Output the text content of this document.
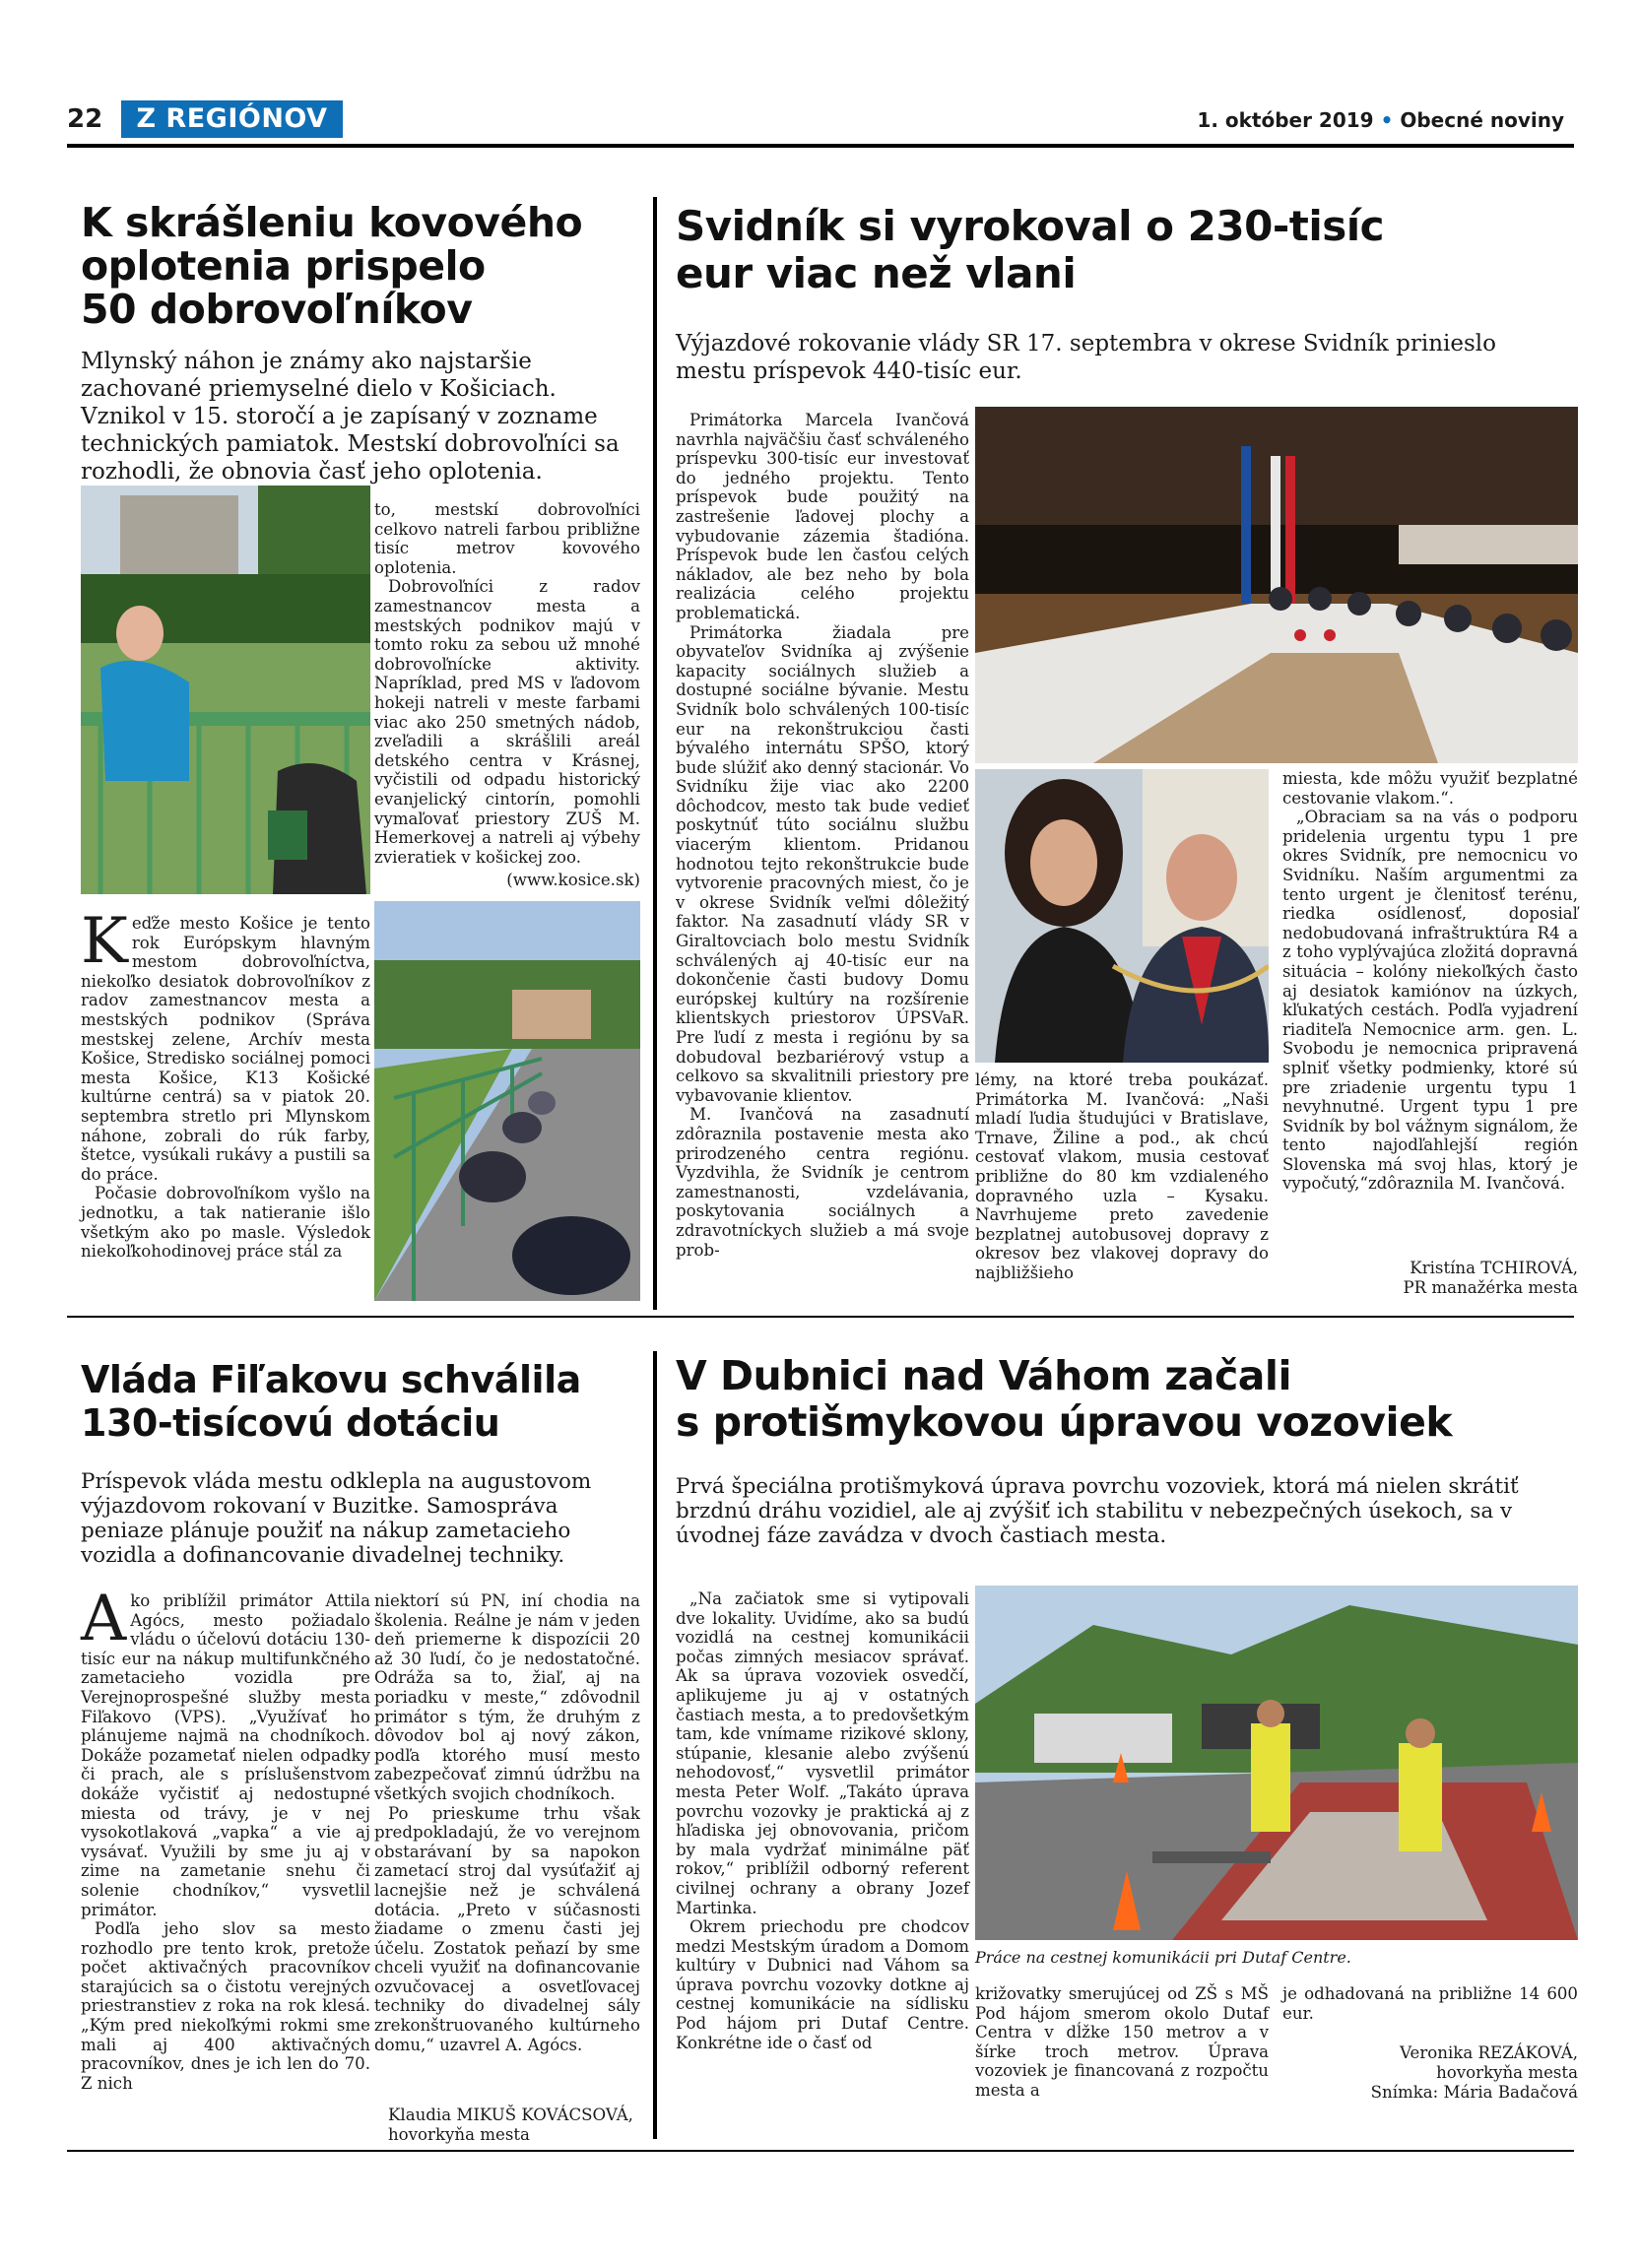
22	Z REGIÓNOV	1. október 2019 • Obecné noviny
K skrášleniu kovového
oplotenia prispelo
50 dobrovoľníkov
Mlynský náhon je známy ako najstaršie zachované priemyselné dielo v Košiciach. Vznikol v 15. storočí a je zapísaný v zozname technických pamiatok. Mestskí dobrovoľníci sa rozhodli, že obnovia časť jeho oplotenia.

Keďže mesto Košice je tento rok Európskym hlavným mestom dobrovoľníctva, niekoľko desiatok dobrovoľníkov z radov zamestnancov mesta a mestských podnikov (Správa mestskej zelene, Archív mesta Košice, Stredisko sociálnej pomoci mesta Košice, K13 Košické kultúrne centrá) sa v piatok 20. septembra stretlo pri Mlynskom náhone, zobrali do rúk farby, štetce, vysúkali rukávy a pustili sa do práce.

Počasie dobrovoľníkom vyšlo na jednotku, a tak natieranie išlo všetkým ako po masle. Výsledok niekoľkohodinovej práce stál za

to, mestskí dobrovoľníci celkovo natreli farbou približne tisíc metrov kovového oplotenia.

Dobrovoľníci z radov zamestnancov mesta a mestských podnikov majú v tomto roku za sebou už mnohé dobrovoľnícke aktivity. Napríklad, pred MS v ľadovom hokeji natreli v meste farbami viac ako 250 smetných nádob, zveľadili a skrášlili areál detského centra v Krásnej, vyčistili od odpadu historický evanjelický cintorín, pomohli vymaľovať priestory ZUŠ M. Hemerkovej a natreli aj výbehy zvieratiek v košickej zoo.

(www.kosice.sk)
Svidník si vyrokoval o 230-tisíc
eur viac než vlani
Výjazdové rokovanie vlády SR 17. septembra v okrese Svidník prinieslo mestu príspevok 440-tisíc eur.

Primátorka Marcela Ivančová navrhla najväčšiu časť schváleného príspevku 300-tisíc eur investovať do jedného projektu. Tento príspevok bude použitý na zastrešenie ľadovej plochy a vybudovanie zázemia štadióna. Príspevok bude len časťou celých nákladov, ale bez neho by bola realizácia celého projektu problematická.

Primátorka žiadala pre obyvateľov Svidníka aj zvýšenie kapacity sociálnych služieb a dostupné sociálne bývanie. Mestu Svidník bolo schválených 100-tisíc eur na rekonštrukciou časti bývalého internátu SPŠO, ktorý bude slúžiť ako denný stacionár. Vo Svidníku žije viac ako 2200 dôchodcov, mesto tak bude vedieť poskytnúť túto sociálnu službu viacerým klientom. Pridanou hodnotou tejto rekonštrukcie bude vytvorenie pracovných miest, čo je v okrese Svidník veľmi dôležitý faktor. Na zasadnutí vlády SR v Giraltovciach bolo mestu Svidník schválených aj 40-tisíc eur na dokončenie časti budovy Domu európskej kultúry na rozšírenie klientskych priestorov ÚPSVaR. Pre ľudí z mesta i regiónu by sa dobudoval bezbariérový vstup a celkovo sa skvalitnili priestory pre vybavovanie klientov.

M. Ivančová na zasadnutí zdôraznila postavenie mesta ako prirodzeného centra regiónu. Vyzdvihla, že Svidník je centrom zamestnanosti, vzdelávania, poskytovania sociálnych a zdravotníckych služieb a má svoje prob-

lémy, na ktoré treba poukázať. Primátorka M. Ivančová: „Naši mladí ľudia študujúci v Bratislave, Trnave, Žiline a pod., ak chcú cestovať vlakom, musia cestovať približne do 80 km vzdialeného dopravného uzla – Kysaku. Navrhujeme preto zavedenie bezplatnej autobusovej dopravy z okresov bez vlakovej dopravy do najbližšieho

miesta, kde môžu využiť bezplatné cestovanie vlakom.“.

„Obraciam sa na vás o podporu pridelenia urgentu typu 1 pre okres Svidník, pre nemocnicu vo Svidníku. Naším argumentmi za tento urgent je členitosť terénu, riedka osídlenosť, doposiaľ nedobudovaná infraštruktúra R4 a z toho vyplývajúca zložitá dopravná situácia – kolóny niekoľkých často aj desiatok kamiónov na úzkych, kľukatých cestách. Podľa vyjadrení riaditeľa Nemocnice arm. gen. L. Svobodu je nemocnica pripravená splniť všetky podmienky, ktoré sú pre zriadenie urgentu typu 1 nevyhnutné. Urgent typu 1 pre Svidník by bol vážnym signálom, že tento najodľahlejší región Slovenska má svoj hlas, ktorý je vypočutý,“zdôraznila M. Ivančová.

Kristína TCHIROVÁ,
PR manažérka mesta
Vláda Fiľakovu schválila
130-tisícovú dotáciu
Príspevok vláda mestu odklepla na augustovom výjazdovom rokovaní v Buzitke. Samospráva peniaze plánuje použiť na nákup zametacieho vozidla a dofinancovanie divadelnej techniky.

Ako priblížil primátor Attila Agócs, mesto požiadalo vládu o účelovú dotáciu 130-tisíc eur na nákup multifunkčného zametacieho vozidla pre Verejnoprospešné služby mesta Fiľakovo (VPS). „Využívať ho plánujeme najmä na chodníkoch. Dokáže pozametať nielen odpadky či prach, ale s príslušenstvom dokáže vyčistiť aj nedostupné miesta od trávy, je v nej vysokotlaková „vapka“ a vie aj vysávať. Využili by sme ju aj v zime na zametanie snehu či solenie chodníkov,“ vysvetlil primátor.

Podľa jeho slov sa mesto rozhodlo pre tento krok, pretože počet aktivačných pracovníkov starajúcich sa o čistotu verejných priestranstiev z roka na rok klesá. „Kým pred niekoľkými rokmi sme mali aj 400 aktivačných pracovníkov, dnes je ich len do 70. Z nich

niektorí sú PN, iní chodia na školenia. Reálne je nám v jeden deň priemerne k dispozícii 20 až 30 ľudí, čo je nedostatočné. Odráža sa to, žiaľ, aj na poriadku v meste,“ zdôvodnil primátor s tým, že druhým z dôvodov bol aj nový zákon, podľa ktorého musí mesto zabezpečovať zimnú údržbu na všetkých svojich chodníkoch.

Po prieskume trhu však predpokladajú, že vo verejnom obstarávaní by sa napokon zametací stroj dal vysúťažiť aj lacnejšie než je schválená dotácia. „Preto v súčasnosti žiadame o zmenu časti jej účelu. Zostatok peňazí by sme chceli využiť na dofinancovanie ozvučovacej a osvetľovacej techniky do divadelnej sály zrekonštruovaného kultúrneho domu,“ uzavrel A. Agócs.

Klaudia MIKUŠ KOVÁCSOVÁ,
hovorkyňa mesta
V Dubnici nad Váhom začali
s protišmykovou úpravou vozoviek
Prvá špeciálna protišmyková úprava povrchu vozoviek, ktorá má nielen skrátiť brzdnú dráhu vozidiel, ale aj zvýšiť ich stabilitu v nebezpečných úsekoch, sa v úvodnej fáze zavádza v dvoch častiach mesta.

„Na začiatok sme si vytipovali dve lokality. Uvidíme, ako sa budú vozidlá na cestnej komunikácii počas zimných mesiacov správať. Ak sa úprava vozoviek osvedčí, aplikujeme ju aj v ostatných častiach mesta, a to predovšetkým tam, kde vnímame rizikové sklony, stúpanie, klesanie alebo zvýšenú nehodovosť,“ vysvetlil primátor mesta Peter Wolf. „Takáto úprava povrchu vozovky je praktická aj z hľadiska jej obnovovania, pričom by mala vydržať minimálne päť rokov,“ priblížil odborný referent civilnej ochrany a obrany Jozef Martinka.

Okrem priechodu pre chodcov medzi Mestským úradom a Domom kultúry v Dubnici nad Váhom sa úprava povrchu vozovky dotkne aj cestnej komunikácie na sídlisku Pod hájom pri Dutaf Centre. Konkrétne ide o časť od

Práce na cestnej komunikácii pri Dutaf Centre.

križovatky smerujúcej od ZŠ s MŠ Pod hájom smerom okolo Dutaf Centra v dĺžke 150 metrov a v šírke troch metrov. Úprava vozoviek je financovaná z rozpočtu mesta a

je odhadovaná na približne 14 600 eur.

Veronika REZÁKOVÁ,
hovorkyňa mesta
Snímka: Mária Badačová
